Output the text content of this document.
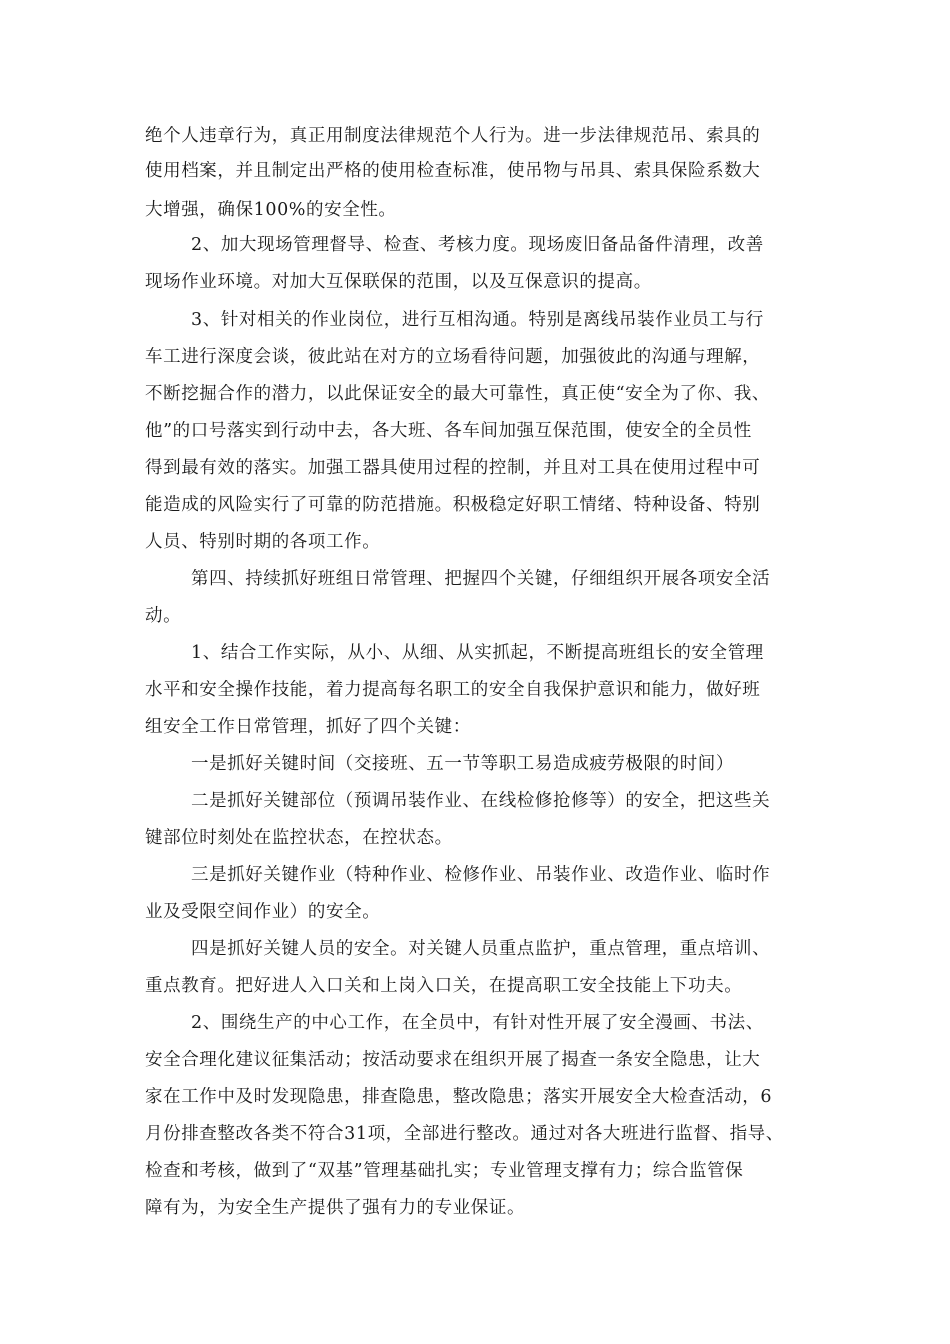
绝个人违章行为，真正用制度法律规范个人行为。进一步法律规范吊、索具的
使用档案，并且制定出严格的使用检查标准，使吊物与吊具、索具保险系数大
大增强，确保100%的安全性。
2、加大现场管理督导、检查、考核力度。现场废旧备品备件清理，改善
现场作业环境。对加大互保联保的范围，以及互保意识的提高。
3、针对相关的作业岗位，进行互相沟通。特别是离线吊装作业员工与行
车工进行深度会谈，彼此站在对方的立场看待问题，加强彼此的沟通与理解，
不断挖掘合作的潜力，以此保证安全的最大可靠性，真正使“安全为了你、我、
他”的口号落实到行动中去，各大班、各车间加强互保范围，使安全的全员性
得到最有效的落实。加强工器具使用过程的控制，并且对工具在使用过程中可
能造成的风险实行了可靠的防范措施。积极稳定好职工情绪、特种设备、特别
人员、特别时期的各项工作。
第四、持续抓好班组日常管理、把握四个关键，仔细组织开展各项安全活
动。
1、结合工作实际，从小、从细、从实抓起，不断提高班组长的安全管理
水平和安全操作技能，着力提高每名职工的安全自我保护意识和能力，做好班
组安全工作日常管理，抓好了四个关键：
一是抓好关键时间（交接班、五一节等职工易造成疲劳极限的时间）
二是抓好关键部位（预调吊装作业、在线检修抢修等）的安全，把这些关
键部位时刻处在监控状态，在控状态。
三是抓好关键作业（特种作业、检修作业、吊装作业、改造作业、临时作
业及受限空间作业）的安全。
四是抓好关键人员的安全。对关键人员重点监护，重点管理，重点培训、
重点教育。把好进人入口关和上岗入口关，在提高职工安全技能上下功夫。
2、围绕生产的中心工作，在全员中，有针对性开展了安全漫画、书法、
安全合理化建议征集活动；按活动要求在组织开展了揭查一条安全隐患，让大
家在工作中及时发现隐患，排查隐患，整改隐患；落实开展安全大检查活动，6
月份排查整改各类不符合31项，全部进行整改。通过对各大班进行监督、指导、
检查和考核，做到了“双基”管理基础扎实；专业管理支撑有力；综合监管保
障有为，为安全生产提供了强有力的专业保证。
